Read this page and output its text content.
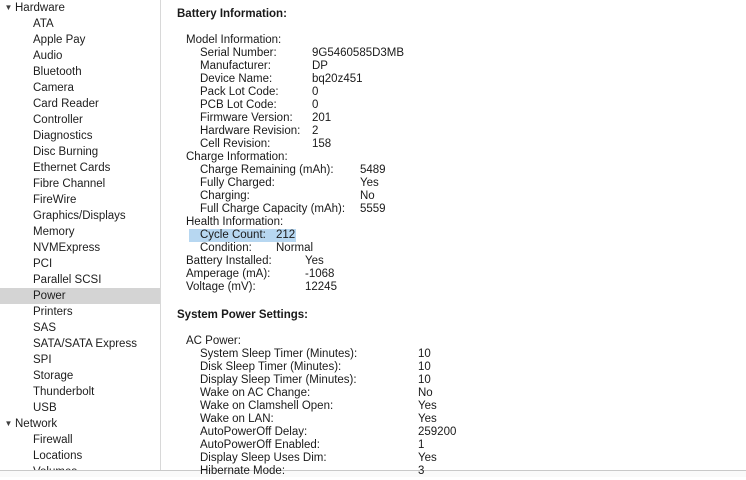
▼ Hardware
ATA
Apple Pay
Audio
Bluetooth
Camera
Card Reader
Controller
Diagnostics
Disc Burning
Ethernet Cards
Fibre Channel
FireWire
Graphics/Displays
Memory
NVMExpress
PCI
Parallel SCSI
Power
Printers
SAS
SATA/SATA Express
SPI
Storage
Thunderbolt
USB
▼ Network
Firewall
Locations
Battery Information:
Model Information:
Serial Number:	9G5460585D3MB
Manufacturer:	DP
Device Name:	bq20z451
Pack Lot Code:	0
PCB Lot Code:	0
Firmware Version: 201
Hardware Revision: 2
Cell Revision:	158
Charge Information:
Charge Remaining (mAh): 5489
Fully Charged:	Yes
Charging:	No
Full Charge Capacity (mAh): 5559
Health Information:
Cycle Count: 212
Condition: Normal
Battery Installed:	Yes
Amperage (mA):	-1068
Voltage (mV):	12245
System Power Settings:
AC Power:
System Sleep Timer (Minutes):	10
Disk Sleep Timer (Minutes):	10
Display Sleep Timer (Minutes):	10
Wake on AC Change:	No
Wake on Clamshell Open:	Yes
Wake on LAN:	Yes
AutoPowerOff Delay:	259200
AutoPowerOff Enabled:	1
Display Sleep Uses Dim:	Yes
Hibernate Mode:	3
